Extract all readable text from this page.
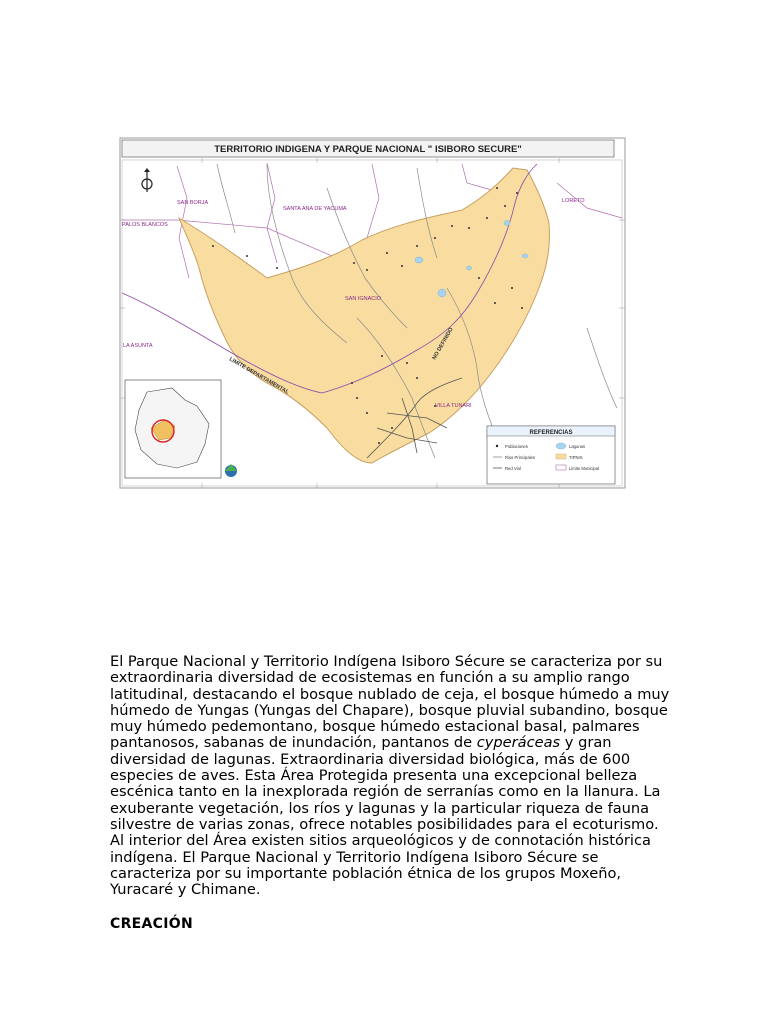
TERRITORIO INDIGENA Y PARQUE NACIONAL " ISIBORO SECURE"
SAN BORJA
SANTA ANA DE YACUMA
PALOS BLANCOS
LORETO
SAN IGNACIO
LA ASUNTA
VILLA TUNARI
LIMITE DEPARTAMENTAL
NO DEFINIDO
REFERENCIAS
Poblaciones	Lagunas
Rios Principales	TIPNIS
Red Vial	Limite Municipal

El Parque Nacional y Territorio Indígena Isiboro Sécure se caracteriza por su extraordinaria diversidad de ecosistemas en función a su amplio rango latitudinal, destacando el bosque nublado de ceja, el bosque húmedo a muy húmedo de Yungas (Yungas del Chapare), bosque pluvial subandino, bosque muy húmedo pedemontano, bosque húmedo estacional basal, palmares pantanosos, sabanas de inundación, pantanos de cyperáceas y gran diversidad de lagunas. Extraordinaria diversidad biológica, más de 600 especies de aves. Esta Área Protegida presenta una excepcional belleza escénica tanto en la inexplorada región de serranías como en la llanura. La exuberante vegetación, los ríos y lagunas y la particular riqueza de fauna silvestre de varias zonas, ofrece notables posibilidades para el ecoturismo. Al interior del Área existen sitios arqueológicos y de connotación histórica indígena. El Parque Nacional y Territorio Indígena Isiboro Sécure se caracteriza por su importante población étnica de los grupos Moxeño, Yuracaré y Chimane.

CREACIÓN
